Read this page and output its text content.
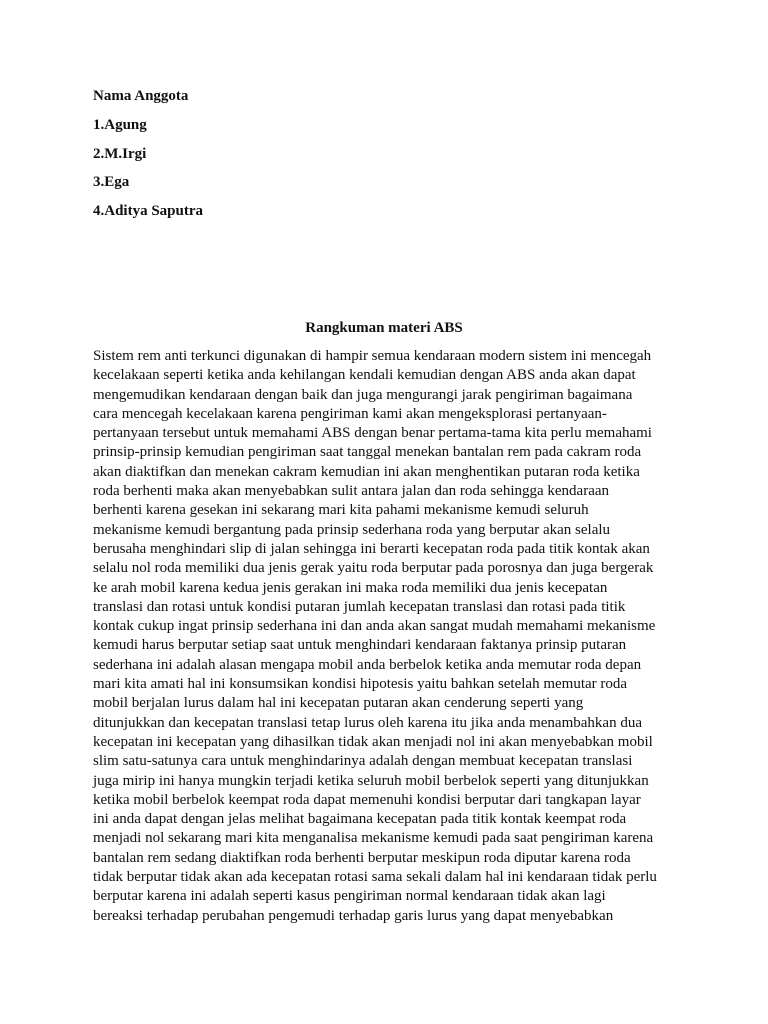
Nama Anggota
1.Agung
2.M.Irgi
3.Ega
4.Aditya Saputra
Rangkuman materi ABS
Sistem rem anti terkunci digunakan di hampir semua kendaraan modern sistem ini mencegah
kecelakaan seperti ketika anda kehilangan kendali kemudian dengan ABS anda akan dapat
mengemudikan kendaraan dengan baik dan juga mengurangi jarak pengiriman bagaimana
cara mencegah kecelakaan karena pengiriman kami akan mengeksplorasi pertanyaan-
pertanyaan tersebut untuk memahami ABS dengan benar pertama-tama kita perlu memahami
prinsip-prinsip kemudian pengiriman saat tanggal menekan bantalan rem pada cakram roda
akan diaktifkan dan menekan cakram kemudian ini akan menghentikan putaran roda ketika
roda berhenti maka akan menyebabkan sulit antara jalan dan roda sehingga kendaraan
berhenti karena gesekan ini sekarang mari kita pahami mekanisme kemudi seluruh
mekanisme kemudi bergantung pada prinsip sederhana roda yang berputar akan selalu
berusaha menghindari slip di jalan sehingga ini berarti kecepatan roda pada titik kontak akan
selalu nol roda memiliki dua jenis gerak yaitu roda berputar pada porosnya dan juga bergerak
ke arah mobil karena kedua jenis gerakan ini maka roda memiliki dua jenis kecepatan
translasi dan rotasi untuk kondisi putaran jumlah kecepatan translasi dan rotasi pada titik
kontak cukup ingat prinsip sederhana ini dan anda akan sangat mudah memahami mekanisme
kemudi harus berputar setiap saat untuk menghindari kendaraan faktanya prinsip putaran
sederhana ini adalah alasan mengapa mobil anda berbelok ketika anda memutar roda depan
mari kita amati hal ini konsumsikan kondisi hipotesis yaitu bahkan setelah memutar roda
mobil berjalan lurus dalam hal ini kecepatan putaran akan cenderung seperti yang
ditunjukkan dan kecepatan translasi tetap lurus oleh karena itu jika anda menambahkan dua
kecepatan ini kecepatan yang dihasilkan tidak akan menjadi nol ini akan menyebabkan mobil
slim satu-satunya cara untuk menghindarinya adalah dengan membuat kecepatan translasi
juga mirip ini hanya mungkin terjadi ketika seluruh mobil berbelok seperti yang ditunjukkan
ketika mobil berbelok keempat roda dapat memenuhi kondisi berputar dari tangkapan layar
ini anda dapat dengan jelas melihat bagaimana kecepatan pada titik kontak keempat roda
menjadi nol sekarang mari kita menganalisa mekanisme kemudi pada saat pengiriman karena
bantalan rem sedang diaktifkan roda berhenti berputar meskipun roda diputar karena roda
tidak berputar tidak akan ada kecepatan rotasi sama sekali dalam hal ini kendaraan tidak perlu
berputar karena ini adalah seperti kasus pengiriman normal kendaraan tidak akan lagi
bereaksi terhadap perubahan pengemudi terhadap garis lurus yang dapat menyebabkan
